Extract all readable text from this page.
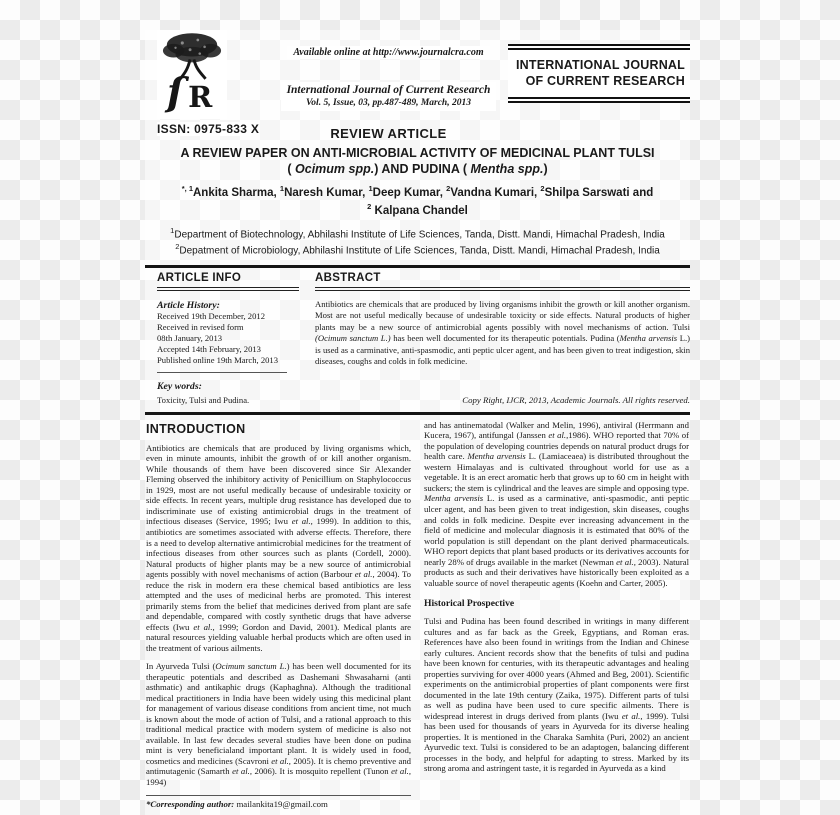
ſ R
ISSN: 0975-833 X
Available online at http://www.journalcra.com
International Journal of Current Research
Vol. 5, Issue, 03, pp.487-489, March, 2013
REVIEW ARTICLE
INTERNATIONAL JOURNAL
OF CURRENT RESEARCH
A REVIEW PAPER ON ANTI-MICROBIAL ACTIVITY OF MEDICINAL PLANT TULSI
( Ocimum spp.) AND PUDINA ( Mentha spp.)
$^{*, 1}$Ankita Sharma, $^1$Naresh Kumar, $^1$Deep Kumar, $^2$Vandna Kumari, $^2$Shilpa Sarswati and
$^2$ Kalpana Chandel
$^1$Department of Biotechnology, Abhilashi Institute of Life Sciences, Tanda, Distt. Mandi, Himachal Pradesh, India
$^2$Depatment of Microbiology, Abhilashi Institute of Life Sciences, Tanda, Distt. Mandi, Himachal Pradesh, India
ARTICLE INFO
Article History:
Received 19th December, 2012
Received in revised form
08th January, 2013
Accepted 14th February, 2013
Published online 19th March, 2013
Key words:
Toxicity, Tulsi and Pudina.
ABSTRACT
Antibiotics are chemicals that are produced by living organisms inhibit the growth or kill another organism. Most are not useful medically because of undesirable toxicity or side effects. Natural products of higher plants may be a new source of antimicrobial agents possibly with novel mechanisms of action. Tulsi (Ocimum sanctum L.) has been well documented for its therapeutic potentials. Pudina (Mentha arvensis L.) is used as a carminative, anti-spasmodic, anti peptic ulcer agent, and has been given to treat indigestion, skin diseases, coughs and colds in folk medicine.
Copy Right, IJCR, 2013, Academic Journals. All rights reserved.
INTRODUCTION

Antibiotics are chemicals that are produced by living organisms which, even in minute amounts, inhibit the growth of or kill another organism. While thousands of them have been discovered since Sir Alexander Fleming observed the inhibitory activity of Penicillium on Staphylococcus in 1929, most are not useful medically because of undesirable toxicity or side effects. In recent years, multiple drug resistance has developed due to indiscriminate use of existing antimicrobial drugs in the treatment of infectious diseases (Service, 1995; Iwu et al., 1999). In addition to this, antibiotics are sometimes associated with adverse effects. Therefore, there is a need to develop alternative antimicrobial medicines for the treatment of infectious diseases from other sources such as plants (Cordell, 2000). Natural products of higher plants may be a new source of antimicrobial agents possibly with novel mechanisms of action (Barbour et al., 2004). To reduce the risk in modern era these chemical based antibiotics are less attempted and the uses of medicinal herbs are promoted. This interest primarily stems from the belief that medicines derived from plant are safe and dependable, compared with costly synthetic drugs that have adverse effects (Iwu et al., 1999; Gordon and David, 2001). Medical plants are natural resources yielding valuable herbal products which are often used in the treatment of various ailments.

In Ayurveda Tulsi (Ocimum sanctum L.) has been well documented for its therapeutic potentials and described as Dashemani Shwasaharni (anti asthmatic) and antikaphic drugs (Kaphaghna). Although the traditional medical practitioners in India have been widely using this medicinal plant for management of various disease conditions from ancient time, not much is known about the mode of action of Tulsi, and a rational approach to this traditional medical practice with modern system of medicine is also not available. In last few decades several studies have been done on pudina mint is very beneficialand important plant. It is widely used in food, cosmetics and medicines (Scavroni et al., 2005). It is chemo preventive and antimutagenic (Samarth et al., 2006). It is mosquito repellent (Tunon et al., 1994)

*Corresponding author: mailankita19@gmail.com

and has antinematodal (Walker and Melin, 1996), antiviral (Herrmann and Kucera, 1967), antifungal (Janssen et al.,1986). WHO reported that 70% of the population of developing countries depends on natural product drugs for health care. Mentha arvensis L. (Lamiaceaea) is distributed throughout the western Himalayas and is cultivated throughout world for use as a vegetable. It is an erect aromatic herb that grows up to 60 cm in height with suckers; the stem is cylindrical and the leaves are simple and opposing type. Mentha arvensis L. is used as a carminative, anti-spasmodic, anti peptic ulcer agent, and has been given to treat indigestion, skin diseases, coughs and colds in folk medicine. Despite ever increasing advancement in the field of medicine and molecular diagnosis it is estimated that 80% of the world population is still dependant on the plant derived pharmaceuticals. WHO report depicts that plant based products or its derivatives accounts for nearly 28% of drugs available in the market (Newman et al., 2003). Natural products as such and their derivatives have historically been exploited as a valuable source of novel therapeutic agents (Koehn and Carter, 2005).

Historical Prospective

Tulsi and Pudina has been found described in writings in many different cultures and as far back as the Greek, Egyptians, and Roman eras. References have also been found in writings from the Indian and Chinese early cultures. Ancient records show that the benefits of tulsi and pudina have been known for centuries, with its therapeutic advantages and healing properties surviving for over 4000 years (Ahmed and Beg, 2001). Scientific experiments on the antimicrobial properties of plant components were first documented in the late 19th century (Zaika, 1975). Different parts of tulsi as well as pudina have been used to cure specific ailments. There is widespread interest in drugs derived from plants (Iwu et al., 1999). Tulsi has been used for thousands of years in Ayurveda for its diverse healing properties. It is mentioned in the Charaka Samhita (Puri, 2002) an ancient Ayurvedic text. Tulsi is considered to be an adaptogen, balancing different processes in the body, and helpful for adapting to stress. Marked by its strong aroma and astringent taste, it is regarded in Ayurveda as a kind
